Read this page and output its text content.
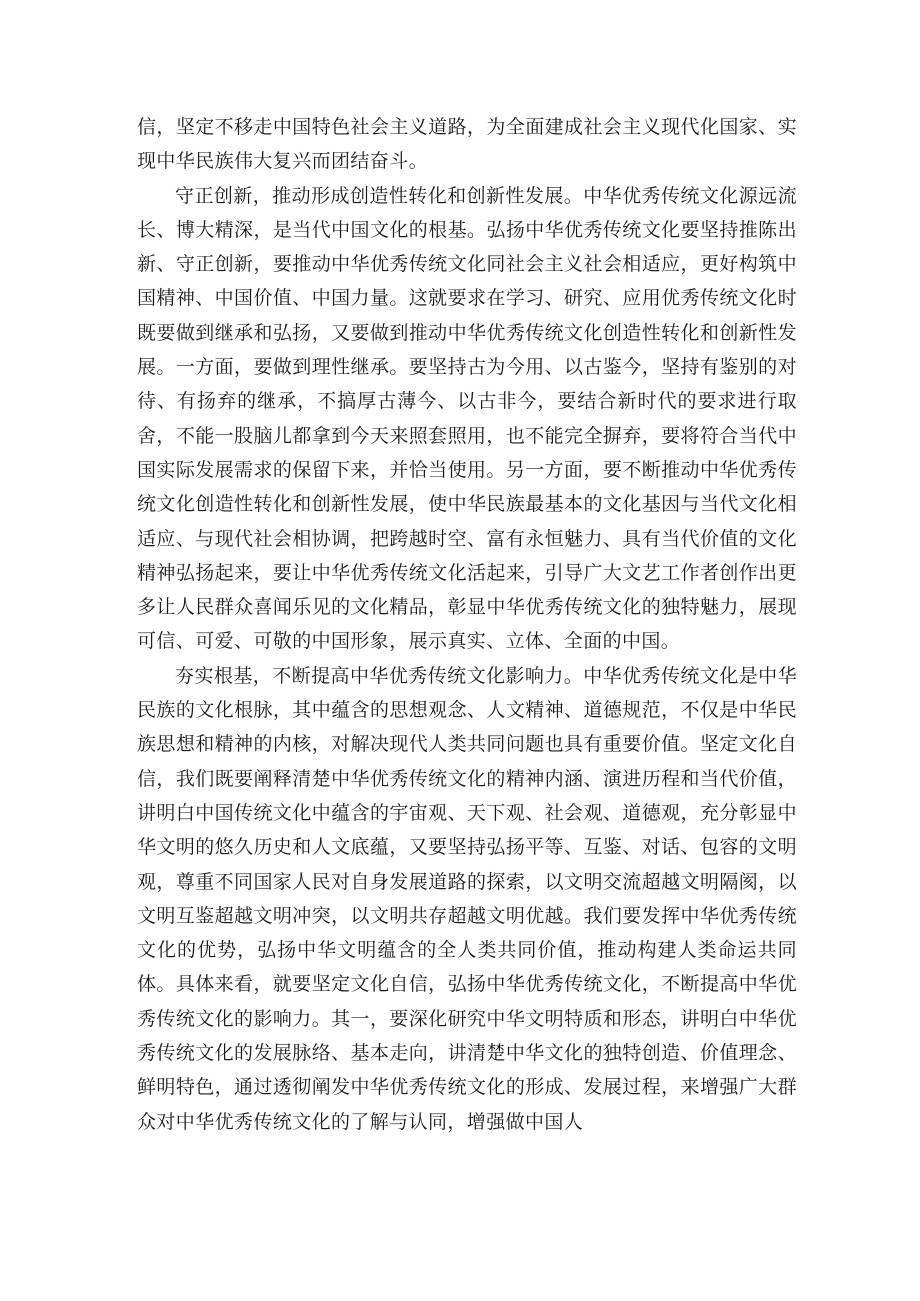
信，坚定不移走中国特色社会主义道路，为全面建成社会主义现代化国家、实现中华民族伟大复兴而团结奋斗。

守正创新，推动形成创造性转化和创新性发展。中华优秀传统文化源远流长、博大精深，是当代中国文化的根基。弘扬中华优秀传统文化要坚持推陈出新、守正创新，要推动中华优秀传统文化同社会主义社会相适应，更好构筑中国精神、中国价值、中国力量。这就要求在学习、研究、应用优秀传统文化时既要做到继承和弘扬，又要做到推动中华优秀传统文化创造性转化和创新性发展。一方面，要做到理性继承。要坚持古为今用、以古鉴今，坚持有鉴别的对待、有扬弃的继承，不搞厚古薄今、以古非今，要结合新时代的要求进行取舍，不能一股脑儿都拿到今天来照套照用，也不能完全摒弃，要将符合当代中国实际发展需求的保留下来，并恰当使用。另一方面，要不断推动中华优秀传统文化创造性转化和创新性发展，使中华民族最基本的文化基因与当代文化相适应、与现代社会相协调，把跨越时空、富有永恒魅力、具有当代价值的文化精神弘扬起来，要让中华优秀传统文化活起来，引导广大文艺工作者创作出更多让人民群众喜闻乐见的文化精品，彰显中华优秀传统文化的独特魅力，展现可信、可爱、可敬的中国形象，展示真实、立体、全面的中国。

夯实根基，不断提高中华优秀传统文化影响力。中华优秀传统文化是中华民族的文化根脉，其中蕴含的思想观念、人文精神、道德规范，不仅是中华民族思想和精神的内核，对解决现代人类共同问题也具有重要价值。坚定文化自信，我们既要阐释清楚中华优秀传统文化的精神内涵、演进历程和当代价值，讲明白中国传统文化中蕴含的宇宙观、天下观、社会观、道德观，充分彰显中华文明的悠久历史和人文底蕴，又要坚持弘扬平等、互鉴、对话、包容的文明观，尊重不同国家人民对自身发展道路的探索，以文明交流超越文明隔阂，以文明互鉴超越文明冲突，以文明共存超越文明优越。我们要发挥中华优秀传统文化的优势，弘扬中华文明蕴含的全人类共同价值，推动构建人类命运共同体。具体来看，就要坚定文化自信，弘扬中华优秀传统文化，不断提高中华优秀传统文化的影响力。其一，要深化研究中华文明特质和形态，讲明白中华优秀传统文化的发展脉络、基本走向，讲清楚中华文化的独特创造、价值理念、鲜明特色，通过透彻阐发中华优秀传统文化的形成、发展过程，来增强广大群众对中华优秀传统文化的了解与认同，增强做中国人
